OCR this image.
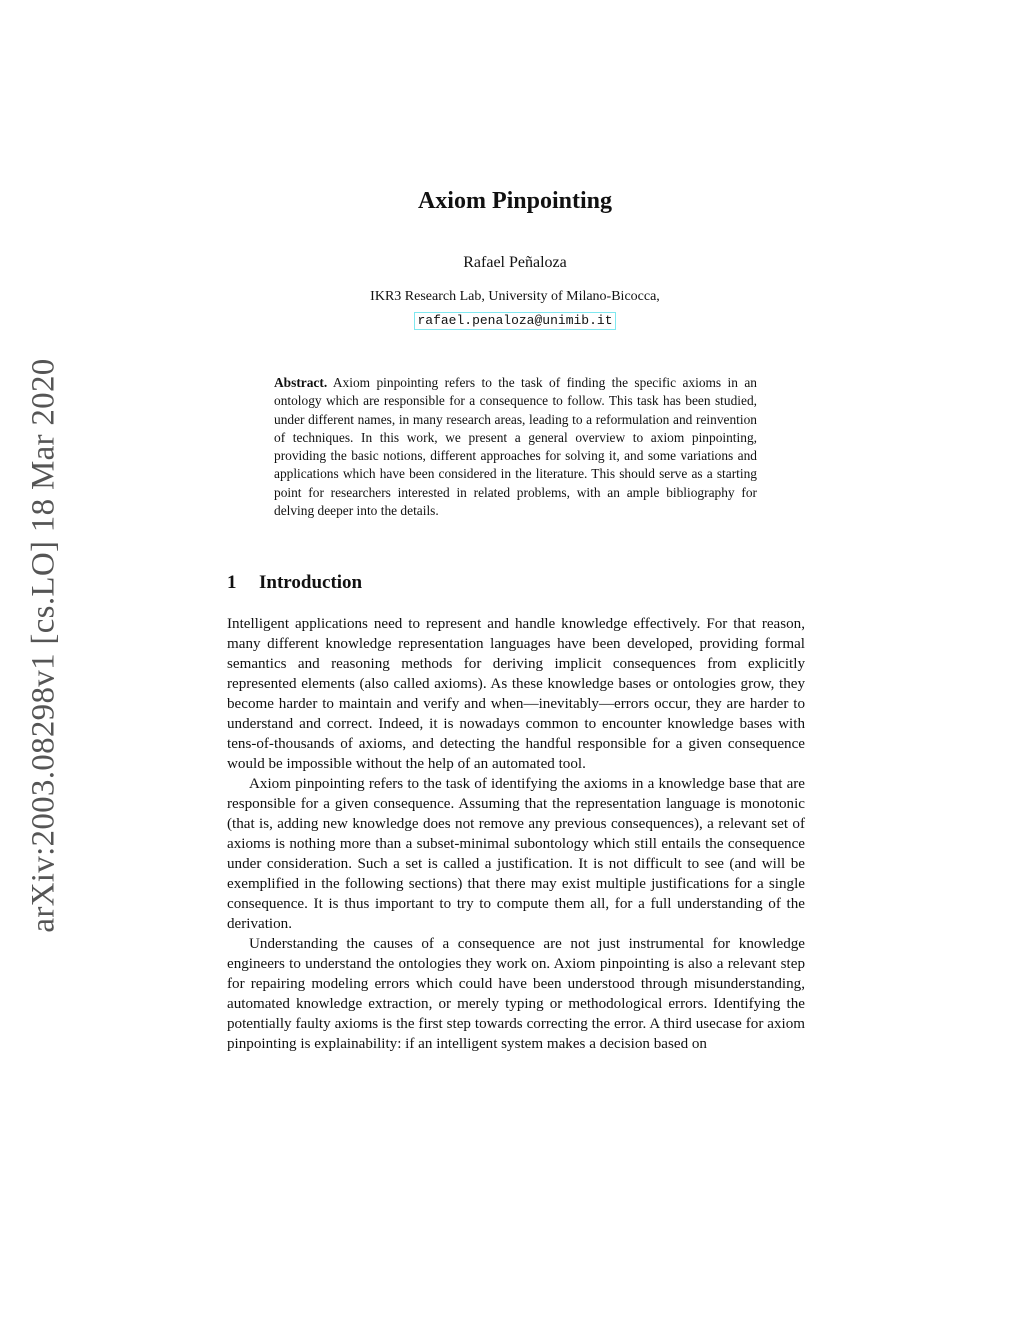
arXiv:2003.08298v1 [cs.LO] 18 Mar 2020
Axiom Pinpointing
Rafael Peñaloza
IKR3 Research Lab, University of Milano-Bicocca,
rafael.penaloza@unimib.it
Abstract. Axiom pinpointing refers to the task of finding the specific axioms in an ontology which are responsible for a consequence to follow. This task has been studied, under different names, in many research areas, leading to a reformulation and reinvention of techniques. In this work, we present a general overview to axiom pinpointing, providing the basic notions, different approaches for solving it, and some variations and applications which have been considered in the literature. This should serve as a starting point for researchers interested in related problems, with an ample bibliography for delving deeper into the details.
1 Introduction

Intelligent applications need to represent and handle knowledge effectively. For that reason, many different knowledge representation languages have been developed, providing formal semantics and reasoning methods for deriving implicit consequences from explicitly represented elements (also called axioms). As these knowledge bases or ontologies grow, they become harder to maintain and verify and when—inevitably—errors occur, they are harder to understand and correct. Indeed, it is nowadays common to encounter knowledge bases with tens-of-thousands of axioms, and detecting the handful responsible for a given consequence would be impossible without the help of an automated tool.

Axiom pinpointing refers to the task of identifying the axioms in a knowledge base that are responsible for a given consequence. Assuming that the representation language is monotonic (that is, adding new knowledge does not remove any previous consequences), a relevant set of axioms is nothing more than a subset-minimal subontology which still entails the consequence under consideration. Such a set is called a justification. It is not difficult to see (and will be exemplified in the following sections) that there may exist multiple justifications for a single consequence. It is thus important to try to compute them all, for a full understanding of the derivation.

Understanding the causes of a consequence are not just instrumental for knowledge engineers to understand the ontologies they work on. Axiom pinpointing is also a relevant step for repairing modeling errors which could have been understood through misunderstanding, automated knowledge extraction, or merely typing or methodological errors. Identifying the potentially faulty axioms is the first step towards correcting the error. A third usecase for axiom pinpointing is explainability: if an intelligent system makes a decision based on
